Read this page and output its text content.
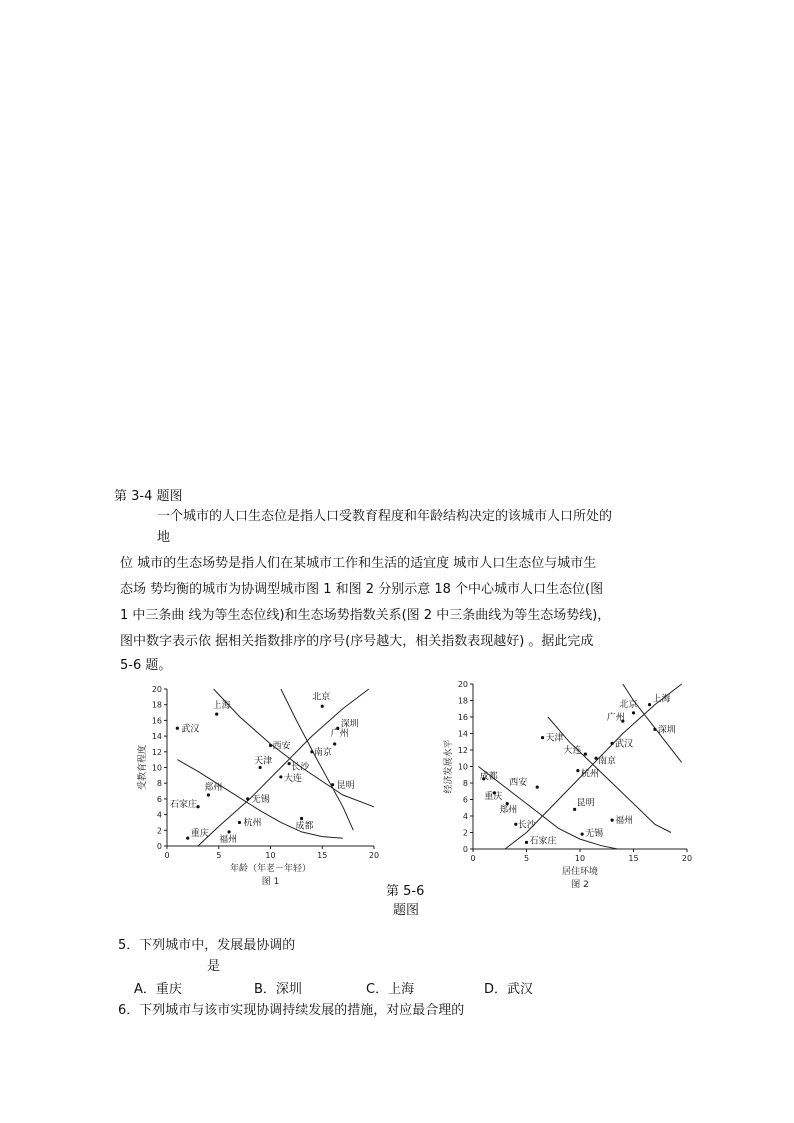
第 3-4 题图
一个城市的人口生态位是指人口受教育程度和年龄结构决定的该城市人口所处的
地
位 城市的生态场势是指人们在某城市工作和生活的适宜度 城市人口生态位与城市生
态场 势均衡的城市为协调型城市图 1 和图 2 分别示意 18 个中心城市人口生态位(图
1 中三条曲 线为等生态位线)和生态场势指数关系(图 2 中三条曲线为等生态场势线)，
图中数字表示依 据相关指数排序的序号(序号越大，相关指数表现越好) 。据此完成
5-6 题。
0	5	10	15	20
0
2
4
6
8
10
12
14
16
18
20
年龄（年老－年轻）
受教育程度
图 1
上海
北京
武汉	深圳
广州
西安
南京
天津
长沙
大连
昆明
郑州
无锡
石家庄
杭州	成都
重庆
福州
0	5	10	15	20
0
2
4
6
8
10
12
14
16
18
20
居住环境
经济发展水平
图 2
北京
上海
广州
深圳
天津
武汉
大连
南京
杭州
成都
西安
重庆
郑州
昆明
长沙	福州
无锡
石家庄
第 5-6
题图
5．下列城市中，发展最协调的
是
A．重庆	B．深圳	C．上海	D．武汉
6．下列城市与该市实现协调持续发展的措施，对应最合理的
